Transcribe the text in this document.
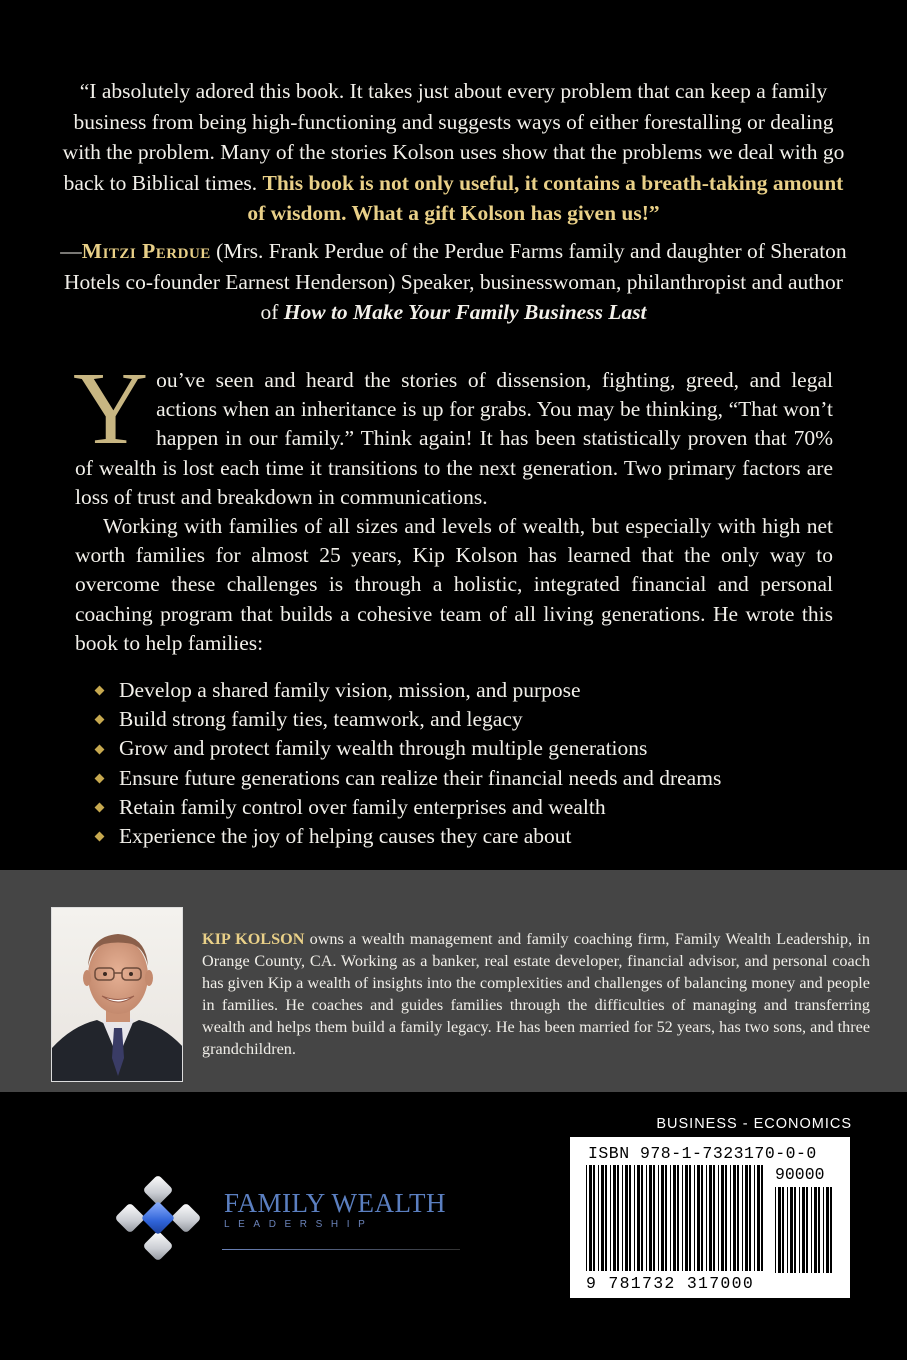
“I absolutely adored this book. It takes just about every problem that can keep a family business from being high-functioning and suggests ways of either forestalling or dealing with the problem. Many of the stories Kolson uses show that the problems we deal with go back to Biblical times. This book is not only useful, it contains a breath-taking amount of wisdom. What a gift Kolson has given us!”
—Mitzi Perdue (Mrs. Frank Perdue of the Perdue Farms family and daughter of Sheraton Hotels co-founder Earnest Henderson) Speaker, businesswoman, philanthropist and author of How to Make Your Family Business Last
Y ou’ve seen and heard the stories of dissension, fighting, greed, and legal actions when an inheritance is up for grabs. You may be thinking, “That won’t happen in our family.” Think again! It has been statistically proven that 70% of wealth is lost each time it transitions to the next generation. Two primary factors are loss of trust and breakdown in communications.

Working with families of all sizes and levels of wealth, but especially with high net worth families for almost 25 years, Kip Kolson has learned that the only way to overcome these challenges is through a holistic, integrated financial and personal coaching program that builds a cohesive team of all living generations. He wrote this book to help families:

Develop a shared family vision, mission, and purpose
Build strong family ties, teamwork, and legacy
Grow and protect family wealth through multiple generations
Ensure future generations can realize their financial needs and dreams
Retain family control over family enterprises and wealth
Experience the joy of helping causes they care about
KIP KOLSON owns a wealth management and family coaching firm, Family Wealth Leadership, in Orange County, CA. Working as a banker, real estate developer, financial advisor, and personal coach has given Kip a wealth of insights into the complexities and challenges of balancing money and people in families. He coaches and guides families through the difficulties of managing and transferring wealth and helps them build a family legacy. He has been married for 52 years, has two sons, and three grandchildren.
FAMILY WEALTH
LEADERSHIP
BUSINESS - ECONOMICS
ISBN 978-1-7323170-0-0
90000
9 781732 317000
